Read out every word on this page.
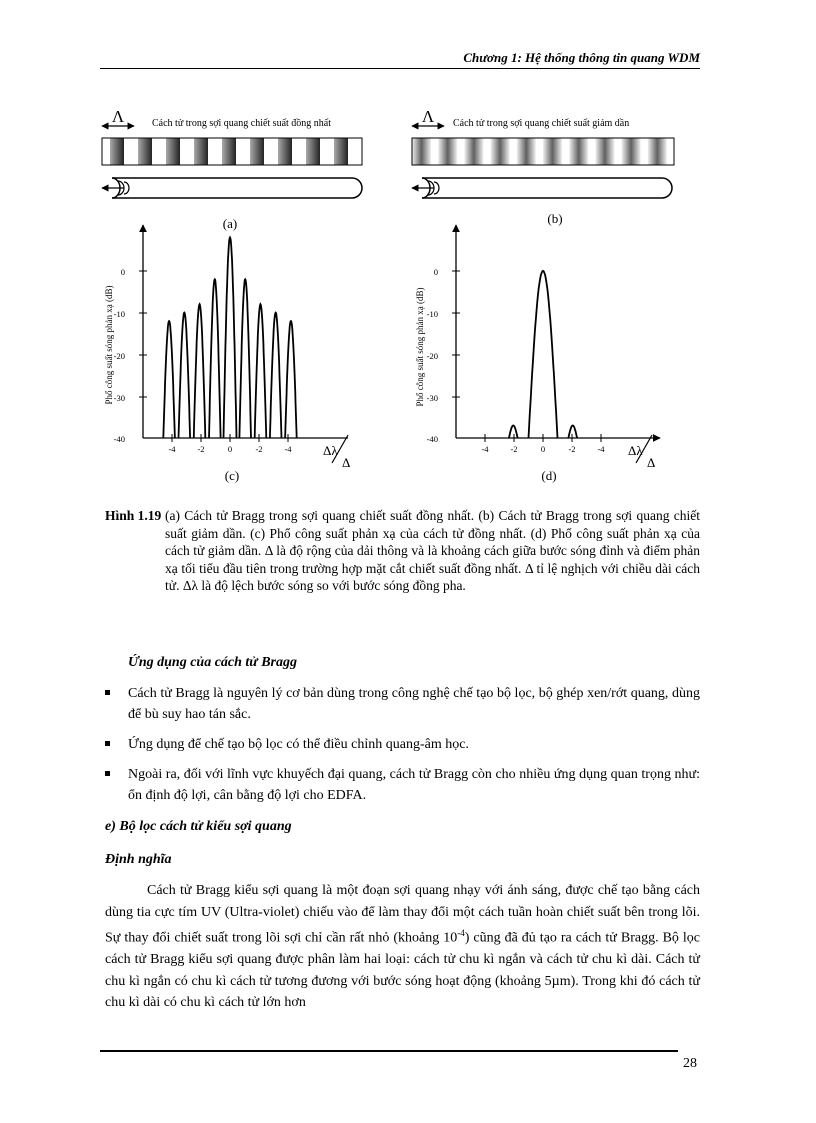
Chương 1: Hệ thống thông tin quang WDM
Λ	Cách tử trong sợi quang chiết suất đồng nhất	Λ Cách tử trong sợi quang chiết suất giảm dần
(a)	(b)
Phổ công suất sóng phản xạ (dB)
0
-10
-20
-30
-40
-4	-2	0	-2	-4 Δλ
Δ
(c)
Phổ công suất sóng phản xạ (dB)
0
-10
-20
-30
-40
-4	-2	0	-2	-4 Δλ
Δ
(d)
Hình 1.19 (a) Cách tử Bragg trong sợi quang chiết suất đồng nhất. (b) Cách tử Bragg trong sợi quang chiết suất giảm dần. (c) Phổ công suất phản xạ của cách tử đồng nhất. (d) Phổ công suất phản xạ của cách tử giảm dần. Δ là độ rộng của dải thông và là khoảng cách giữa bước sóng đỉnh và điểm phản xạ tối tiểu đầu tiên trong trường hợp mặt cắt chiết suất đồng nhất. Δ tỉ lệ nghịch với chiều dài cách tử. Δλ là độ lệch bước sóng so với bước sóng đồng pha.
Ứng dụng của cách tử Bragg
Cách tử Bragg là nguyên lý cơ bản dùng trong công nghệ chế tạo bộ lọc, bộ ghép xen/rớt quang, dùng để bù suy hao tán sắc.
Ứng dụng để chế tạo bộ lọc có thể điều chỉnh quang-âm học.
Ngoài ra, đối với lĩnh vực khuyếch đại quang, cách tử Bragg còn cho nhiều ứng dụng quan trọng như: ổn định độ lợi, cân bằng độ lợi cho EDFA.
e) Bộ lọc cách tử kiểu sợi quang
Định nghĩa
Cách tử Bragg kiểu sợi quang là một đoạn sợi quang nhạy với ánh sáng, được chế tạo bằng cách dùng tia cực tím UV (Ultra-violet) chiếu vào để làm thay đổi một cách tuần hoàn chiết suất bên trong lõi. Sự thay đổi chiết suất trong lõi sợi chỉ cần rất nhỏ (khoảng $10^{-4}$) cũng đã đủ tạo ra cách tử Bragg. Bộ lọc cách tử Bragg kiểu sợi quang được phân làm hai loại: cách tử chu kì ngắn và cách tử chu kì dài. Cách tử chu kì ngắn có chu kì cách tử tương đương với bước sóng hoạt động (khoảng 5µm). Trong khi đó cách tử chu kì dài có chu kì cách tử lớn hơn
28
